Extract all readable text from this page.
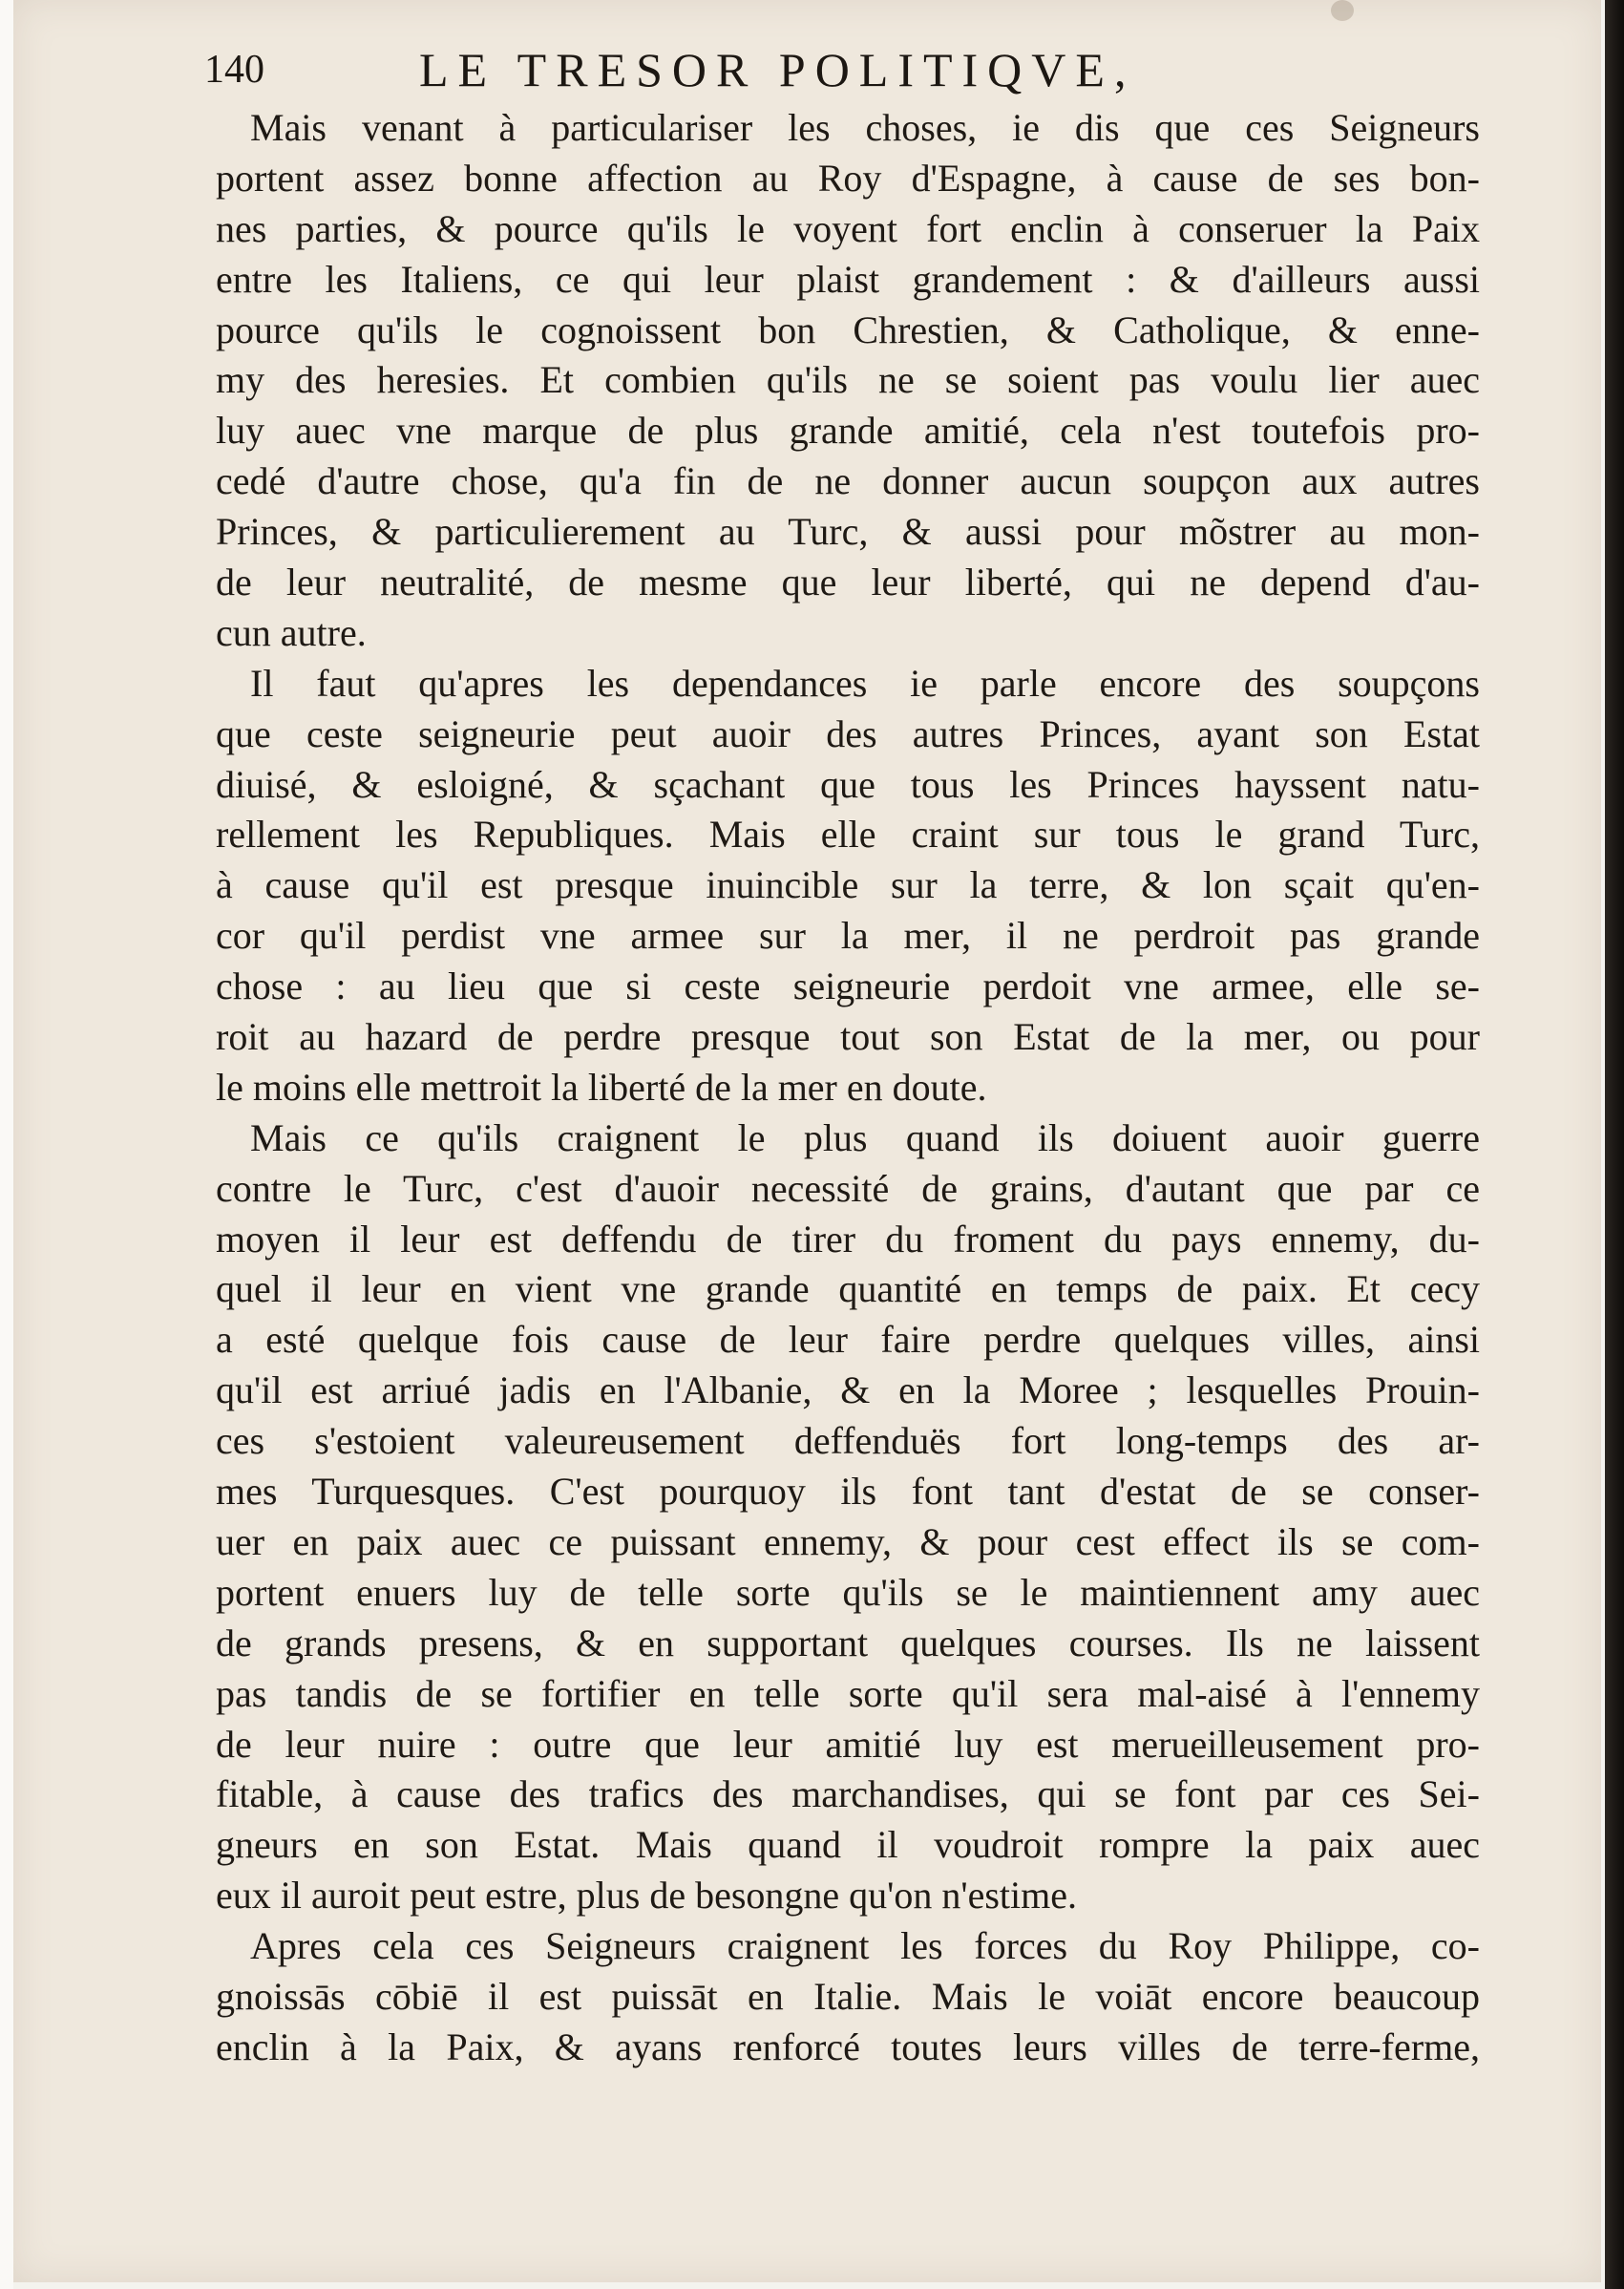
140	LE TRESOR POLITIQVE,
Mais venant à particulariser les choses, ie dis que ces Seigneurs
portent assez bonne affection au Roy d'Espagne, à cause de ses bon-
nes parties, & pource qu'ils le voyent fort enclin à conseruer la Paix
entre les Italiens, ce qui leur plaist grandement : & d'ailleurs aussi
pource qu'ils le cognoissent bon Chrestien, & Catholique, & enne-
my des heresies. Et combien qu'ils ne se soient pas voulu lier auec
luy auec vne marque de plus grande amitié, cela n'est toutefois pro-
cedé d'autre chose, qu'a fin de ne donner aucun soupçon aux autres
Princes, & particulierement au Turc, & aussi pour mõstrer au mon-
de leur neutralité, de mesme que leur liberté, qui ne depend d'au-
cun autre.
Il faut qu'apres les dependances ie parle encore des soupçons
que ceste seigneurie peut auoir des autres Princes, ayant son Estat
diuisé, & esloigné, & sçachant que tous les Princes hayssent natu-
rellement les Republiques. Mais elle craint sur tous le grand Turc,
à cause qu'il est presque inuincible sur la terre, & lon sçait qu'en-
cor qu'il perdist vne armee sur la mer, il ne perdroit pas grande
chose : au lieu que si ceste seigneurie perdoit vne armee, elle se-
roit au hazard de perdre presque tout son Estat de la mer, ou pour
le moins elle mettroit la liberté de la mer en doute.
Mais ce qu'ils craignent le plus quand ils doiuent auoir guerre
contre le Turc, c'est d'auoir necessité de grains, d'autant que par ce
moyen il leur est deffendu de tirer du froment du pays ennemy, du-
quel il leur en vient vne grande quantité en temps de paix. Et cecy
a esté quelque fois cause de leur faire perdre quelques villes, ainsi
qu'il est arriué jadis en l'Albanie, & en la Moree ; lesquelles Prouin-
ces s'estoient valeureusement deffenduës fort long-temps des ar-
mes Turquesques. C'est pourquoy ils font tant d'estat de se conser-
uer en paix auec ce puissant ennemy, & pour cest effect ils se com-
portent enuers luy de telle sorte qu'ils se le maintiennent amy auec
de grands presens, & en supportant quelques courses. Ils ne laissent
pas tandis de se fortifier en telle sorte qu'il sera mal-aisé à l'ennemy
de leur nuire : outre que leur amitié luy est merueilleusement pro-
fitable, à cause des trafics des marchandises, qui se font par ces Sei-
gneurs en son Estat. Mais quand il voudroit rompre la paix auec
eux il auroit peut estre, plus de besongne qu'on n'estime.
Apres cela ces Seigneurs craignent les forces du Roy Philippe, co-
gnoissās cōbiē il est puissāt en Italie. Mais le voiāt encore beaucoup
enclin à la Paix, & ayans renforcé toutes leurs villes de terre-ferme,
